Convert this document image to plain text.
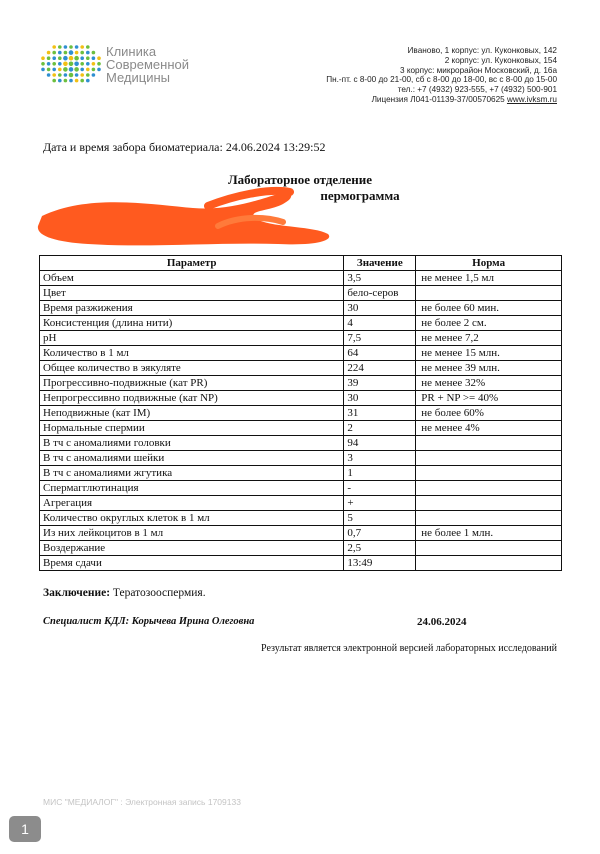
Клиника
Современной
Медицины
Иваново, 1 корпус: ул. Куконковых, 142
2 корпус: ул. Куконковых, 154
3 корпус: микрорайон Московский, д. 16а
Пн.-пт. с 8-00 до 21-00, сб с 8-00 до 18-00, вс с 8-00 до 15-00
тел.: +7 (4932) 923-555, +7 (4932) 500-901
Лицензия Л041-01139-37/00570625 www.ivksm.ru
Дата и время забора биоматериала: 24.06.2024 13:29:52
Лабораторное отделение
пермограмма
Параметр	Значение	Норма
Объем	3,5	не менее 1,5 мл
Цвет	бело-серов	
Время разжижения	30	не более 60 мин.
Консистенция (длина нити)	4	не более 2 см.
pH	7,5	не менее 7,2
Количество в 1 мл	64	не менее 15 млн.
Общее количество в эякуляте	224	не менее 39 млн.
Прогрессивно-подвижные (кат PR)	39	не менее 32%
Непрогрессивно подвижные (кат NP)	30	PR + NP >= 40%
Неподвижные (кат IM)	31	не более 60%
Нормальные спермии	2	не менее 4%
В тч с аномалиями головки	94	
В тч с аномалиями шейки	3	
В тч с аномалиями жгутика	1	
Спермагглютинация	-	
Агрегация	+	
Количество округлых клеток в 1 мл	5	
Из них лейкоцитов в 1 мл	0,7	не более 1 млн.
Воздержание	2,5	
Время сдачи	13:49	
Заключение: Тератозооспермия.
Специалист КДЛ: Корычева Ирина Олеговна	24.06.2024
Результат является электронной версией лабораторных исследований
МИС "МЕДИАЛОГ" : Электронная запись 1709133
1
